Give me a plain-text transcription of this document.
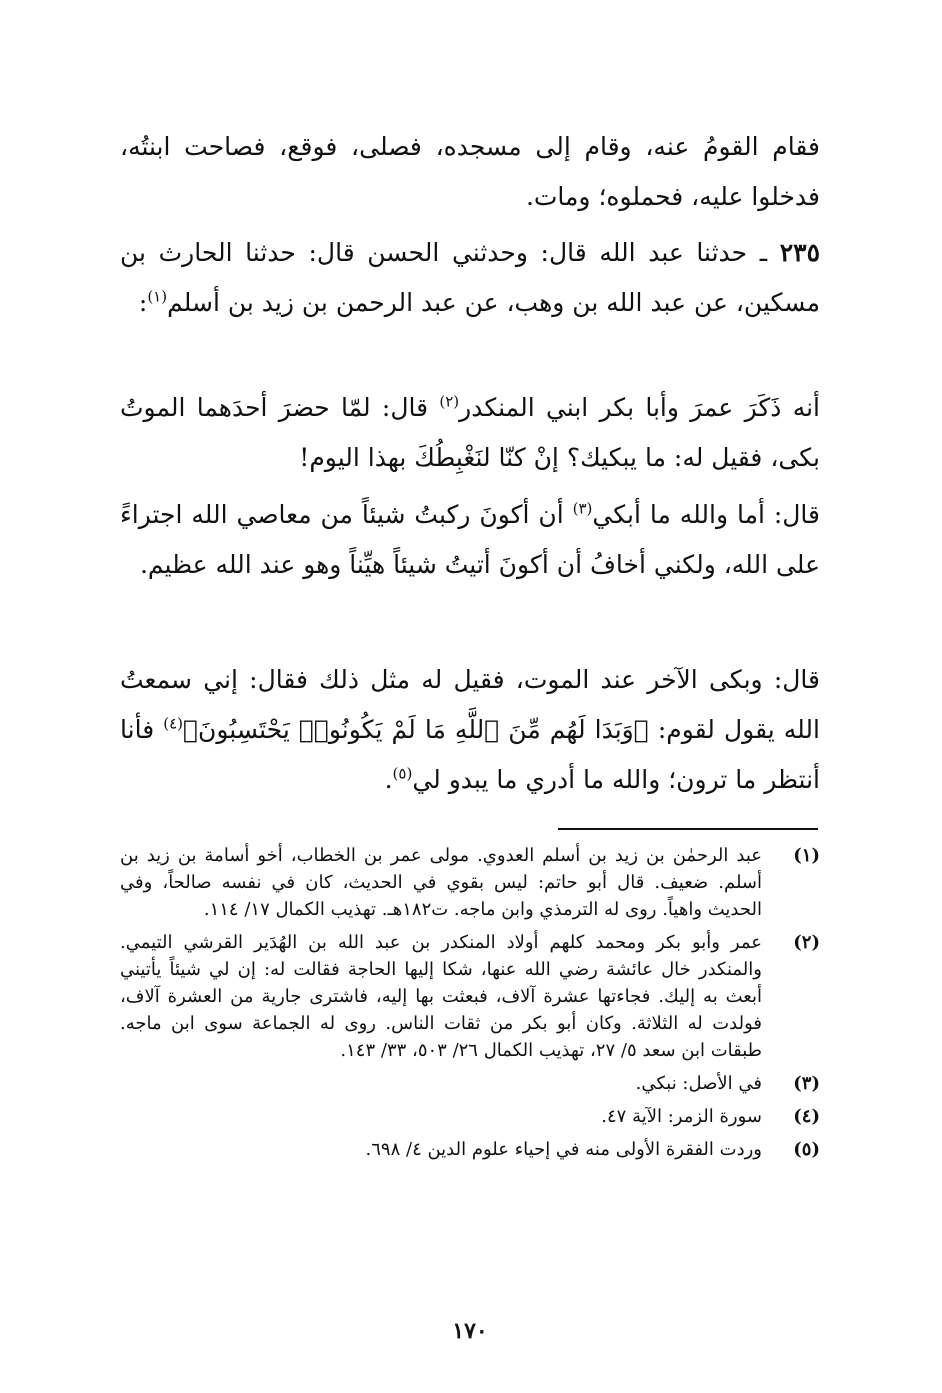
فقام القومُ عنه، وقام إلى مسجده، فصلى، فوقع، فصاحت ابنتُه، فدخلوا عليه، فحملوه؛ ومات.

٢٣٥ ـ حدثنا عبد الله قال: وحدثني الحسن قال: حدثنا الحارث بن مسكين، عن عبد الله بن وهب، عن عبد الرحمن بن زيد بن أسلم$^{(١)}$:

أنه ذَكَرَ عمرَ وأبا بكر ابني المنكدر$^{(٢)}$ قال: لمّا حضرَ أحدَهما الموتُ بكى، فقيل له: ما يبكيك؟ إنْ كنّا لنَغْبِطُكَ بهذا اليوم!

قال: أما والله ما أبكي$^{(٣)}$ أن أكونَ ركبتُ شيئاً من معاصي الله اجتراءً على الله، ولكني أخافُ أن أكونَ أتيتُ شيئاً هيِّناً وهو عند الله عظيم.

قال: وبكى الآخر عند الموت، فقيل له مثل ذلك فقال: إني سمعتُ الله يقول لقوم: ﴿وَبَدَا لَهُم مِّنَ ٱللَّهِ مَا لَمْ يَكُونُوا۟ يَحْتَسِبُونَ﴾$^{(٤)}$ فأنا أنتظر ما ترون؛ والله ما أدري ما يبدو لي$^{(٥)}$.

(١)
عبد الرحمٰن بن زيد بن أسلم العدوي. مولى عمر بن الخطاب، أخو أسامة بن زيد بن أسلم. ضعيف. قال أبو حاتم: ليس بقوي في الحديث، كان في نفسه صالحاً، وفي الحديث واهياً. روى له الترمذي وابن ماجه. ت١٨٢هـ. تهذيب الكمال ١٧/ ١١٤.
(٢)
عمر وأبو بكر ومحمد كلهم أولاد المنكدر بن عبد الله بن الهُدَير القرشي التيمي. والمنكدر خال عائشة رضي الله عنها، شكا إليها الحاجة فقالت له: إن لي شيئاً يأتيني أبعث به إليك. فجاءتها عشرة آلاف، فبعثت بها إليه، فاشترى جارية من العشرة آلاف، فولدت له الثلاثة. وكان أبو بكر من ثقات الناس. روى له الجماعة سوى ابن ماجه. طبقات ابن سعد ٥/ ٢٧، تهذيب الكمال ٢٦/ ٥٠٣، ٣٣/ ١٤٣.
(٣)
في الأصل: نبكي.
(٤)
سورة الزمر: الآية ٤٧.
(٥)
وردت الفقرة الأولى منه في إحياء علوم الدين ٤/ ٦٩٨.
١٧٠
